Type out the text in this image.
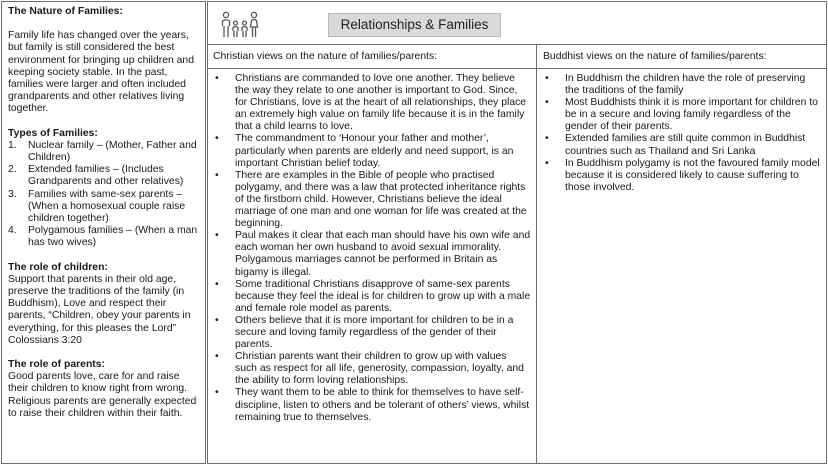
The Nature of Families:

Family life has changed over the years, but family is still considered the best environment for bringing up children and keeping society stable. In the past, families were larger and often included grandparents and other relatives living together.

Types of Families:
1.	Nuclear family – (Mother, Father and Children)
2.	Extended families – (Includes Grandparents and other relatives)
3.	Families with same-sex parents – (When a homosexual couple raise children together)
4.	Polygamous families – (When a man has two wives)
The role of children:

Support that parents in their old age, preserve the traditions of the family (in Buddhism), Love and respect their parents, “Children, obey your parents in everything, for this pleases the Lord” Colossians 3:20

The role of parents:

Good parents love, care for and raise their children to know right from wrong. Religious parents are generally expected to raise their children within their faith.

Relationships & Families
Christian views on the nature of families/parents:	Buddhist views on the nature of families/parents:
•	Christians are commanded to love one another. They believe the way they relate to one another is important to God. Since, for Christians, love is at the heart of all relationships, they place an extremely high value on family life because it is in the family that a child learns to love.
•	The commandment to ‘Honour your father and mother’, particularly when parents are elderly and need support, is an important Christian belief today.
•	There are examples in the Bible of people who practised polygamy, and there was a law that protected inheritance rights of the firstborn child. However, Christians believe the ideal marriage of one man and one woman for life was created at the beginning.
•	Paul makes it clear that each man should have his own wife and each woman her own husband to avoid sexual immorality. Polygamous marriages cannot be performed in Britain as bigamy is illegal.
•	Some traditional Christians disapprove of same-sex parents because they feel the ideal is for children to grow up with a male and female role model as parents.
•	Others believe that it is more important for children to be in a secure and loving family regardless of the gender of their parents.
•	Christian parents want their children to grow up with values such as respect for all life, generosity, compassion, loyalty, and the ability to form loving relationships.
•	They want them to be able to think for themselves to have self-discipline, listen to others and be tolerant of others’ views, whilst remaining true to themselves.
•	In Buddhism the children have the role of preserving the traditions of the family
•	Most Buddhists think it is more important for children to be in a secure and loving family regardless of the gender of their parents.
•	Extended families are still quite common in Buddhist countries such as Thailand and Sri Lanka
•	In Buddhism polygamy is not the favoured family model because it is considered likely to cause suffering to those involved.
